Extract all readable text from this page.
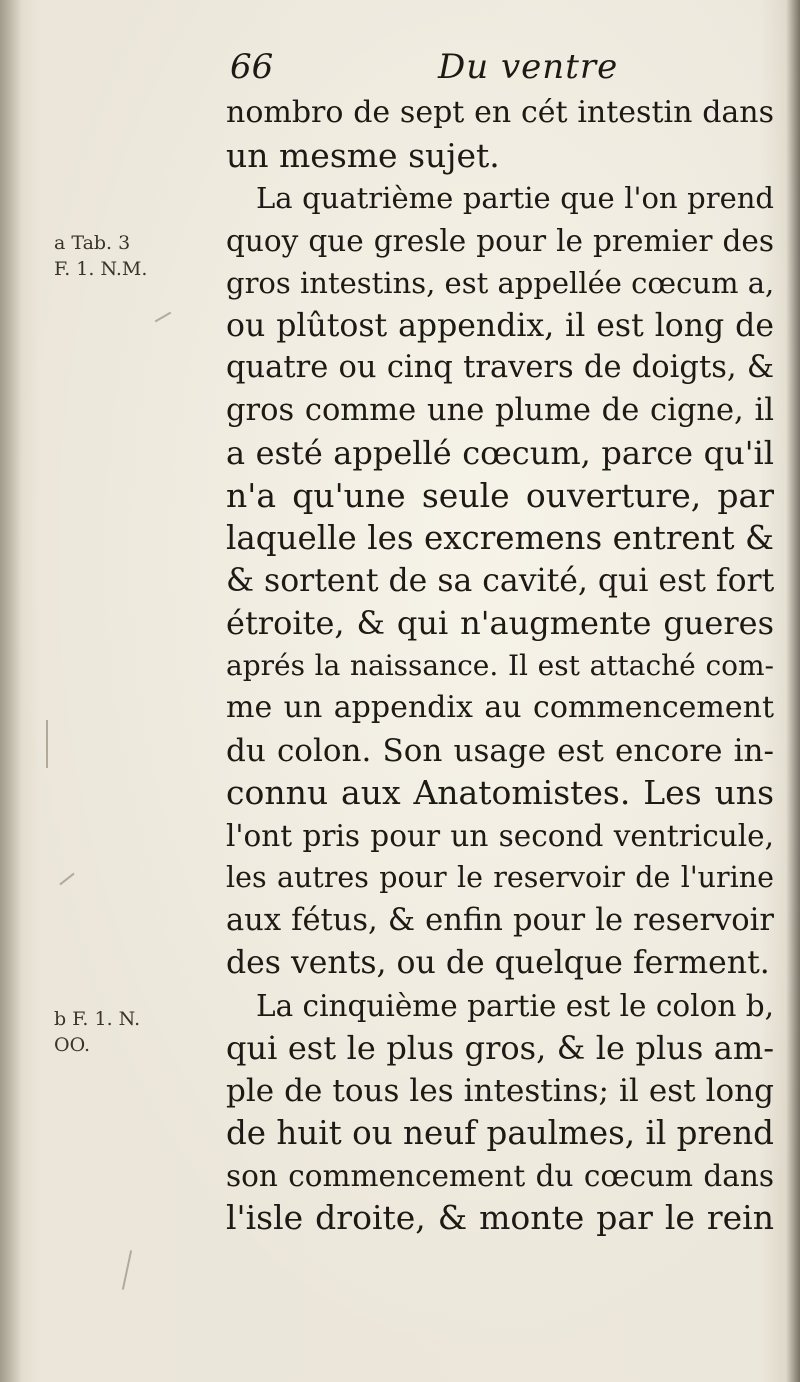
66	Du ventre
a Tab. 3
F. 1. N.M.
b F. 1. N.
OO.
nombro de sept en cét intestin dans
un mesme sujet.
La quatrième partie que l'on prend
quoy que gresle pour le premier des
gros intestins, est appellée cœcum a,
ou plûtost appendix, il est long de
quatre ou cinq travers de doigts, &
gros comme une plume de cigne, il
a esté appellé cœcum, parce qu'il
n'a qu'une seule ouverture, par
laquelle les excremens entrent &
& sortent de sa cavité, qui est fort
étroite, & qui n'augmente gueres
aprés la naissance. Il est attaché com-
me un appendix au commencement
du colon. Son usage est encore in-
connu aux Anatomistes. Les uns
l'ont pris pour un second ventricule,
les autres pour le reservoir de l'urine
aux fétus, & enfin pour le reservoir
des vents, ou de quelque ferment.
La cinquième partie est le colon b,
qui est le plus gros, & le plus am-
ple de tous les intestins; il est long
de huit ou neuf paulmes, il prend
son commencement du cœcum dans
l'isle droite, & monte par le rein
